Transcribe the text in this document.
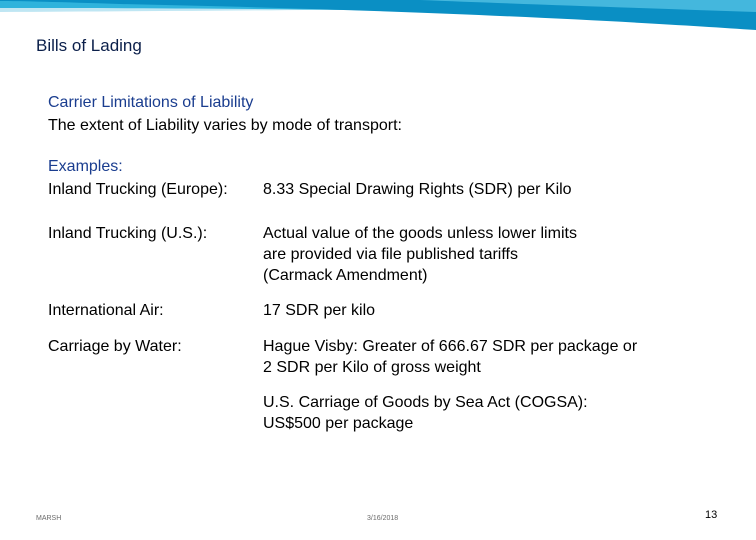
Bills of Lading
Carrier Limitations of Liability
The extent of Liability varies by mode of transport:
Examples:
Inland Trucking (Europe): 8.33 Special Drawing Rights (SDR) per Kilo
Inland Trucking (U.S.):	Actual value of the goods unless lower limits
are provided via file published tariffs
(Carmack Amendment)
International Air:	17 SDR per kilo
Carriage by Water:	Hague Visby: Greater of 666.67 SDR per package or
2 SDR per Kilo of gross weight
U.S. Carriage of Goods by Sea Act (COGSA):
US$500 per package
MARSH	3/16/2018	13
